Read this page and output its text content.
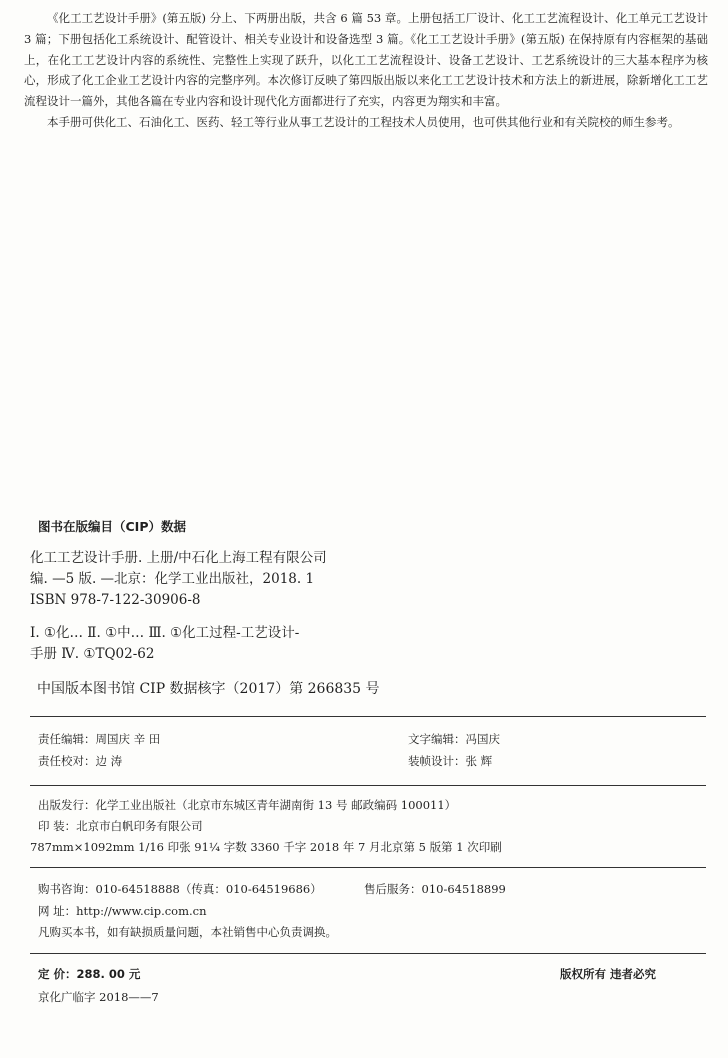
《化工工艺设计手册》(第五版) 分上、下两册出版，共含 6 篇 53 章。上册包括工厂设计、化工工艺流程设计、化工单元工艺设计 3 篇；下册包括化工系统设计、配管设计、相关专业设计和设备选型 3 篇。《化工工艺设计手册》(第五版) 在保持原有内容框架的基础上，在化工工艺设计内容的系统性、完整性上实现了跃升，以化工工艺流程设计、设备工艺设计、工艺系统设计的三大基本程序为核心，形成了化工企业工艺设计内容的完整序列。本次修订反映了第四版出版以来化工工艺设计技术和方法上的新进展，除新增化工工艺流程设计一篇外，其他各篇在专业内容和设计现代化方面都进行了充实，内容更为翔实和丰富。

本手册可供化工、石油化工、医药、轻工等行业从事工艺设计的工程技术人员使用，也可供其他行业和有关院校的师生参考。

图书在版编目（CIP）数据
化工工艺设计手册. 上册/中石化上海工程有限公司
编. —5 版. —北京：化学工业出版社，2018. 1
ISBN 978-7-122-30906-8
Ⅰ. ①化… Ⅱ. ①中… Ⅲ. ①化工过程-工艺设计-
手册 Ⅳ. ①TQ02-62
中国版本图书馆 CIP 数据核字（2017）第 266835 号
责任编辑：周国庆 辛 田	文字编辑：冯国庆
责任校对：边 涛	装帧设计：张 辉
出版发行：化学工业出版社（北京市东城区青年湖南街 13 号 邮政编码 100011）
印 装：北京市白帆印务有限公司
787mm×1092mm 1/16 印张 91¼ 字数 3360 千字 2018 年 7 月北京第 5 版第 1 次印刷
购书咨询：010-64518888（传真：010-64519686）	售后服务：010-64518899
网 址：http://www.cip.com.cn
凡购买本书，如有缺损质量问题，本社销售中心负责调换。
定 价：288. 00 元	版权所有 违者必究
京化广临字 2018——7
